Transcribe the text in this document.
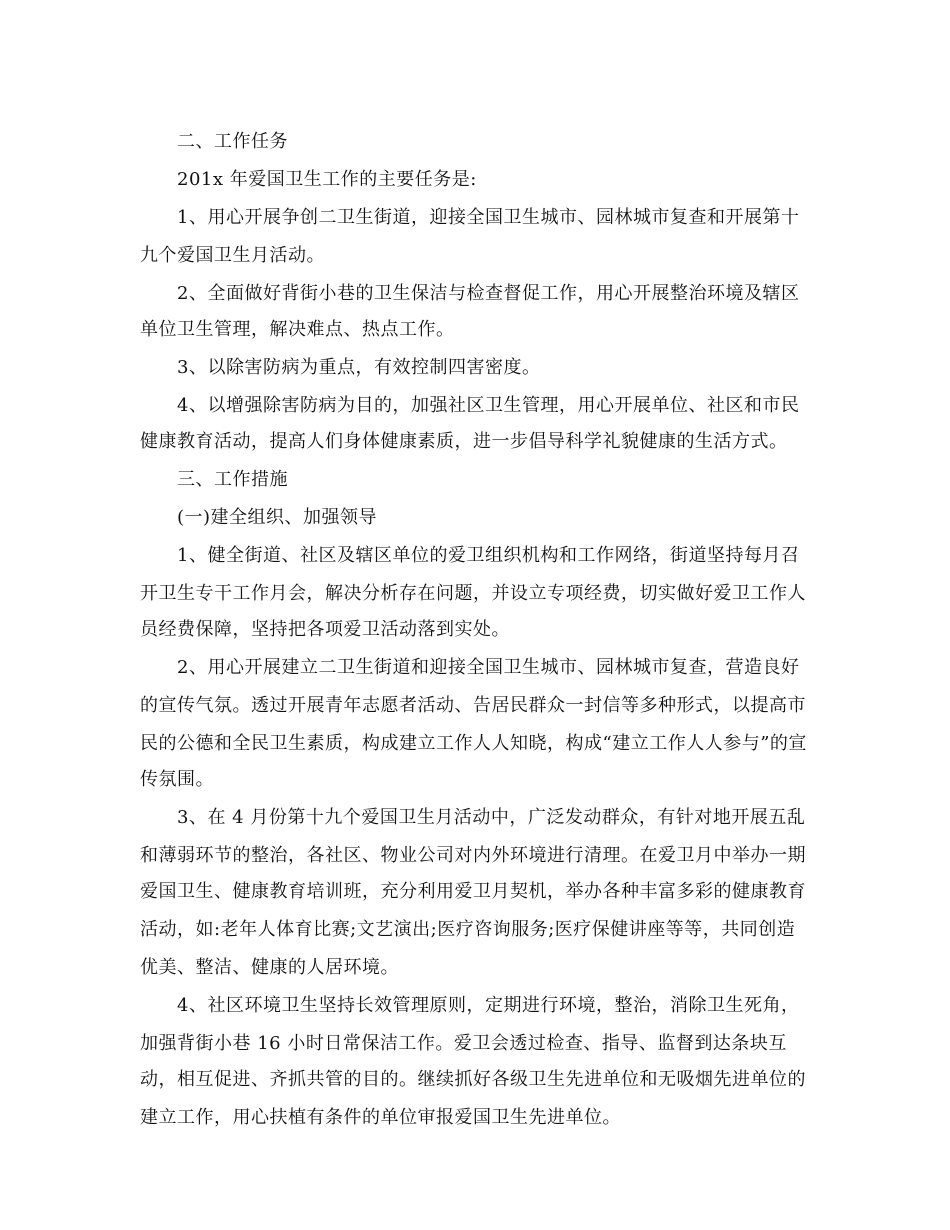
二、工作任务
201x 年爱国卫生工作的主要任务是:
1、用心开展争创二卫生街道，迎接全国卫生城市、园林城市复查和开展第十
九个爱国卫生月活动。
2、全面做好背街小巷的卫生保洁与检查督促工作，用心开展整治环境及辖区
单位卫生管理，解决难点、热点工作。
3、以除害防病为重点，有效控制四害密度。
4、以增强除害防病为目的，加强社区卫生管理，用心开展单位、社区和市民
健康教育活动，提高人们身体健康素质，进一步倡导科学礼貌健康的生活方式。
三、工作措施
(一)建全组织、加强领导
1、健全街道、社区及辖区单位的爱卫组织机构和工作网络，街道坚持每月召
开卫生专干工作月会，解决分析存在问题，并设立专项经费，切实做好爱卫工作人
员经费保障，坚持把各项爱卫活动落到实处。
2、用心开展建立二卫生街道和迎接全国卫生城市、园林城市复查，营造良好
的宣传气氛。透过开展青年志愿者活动、告居民群众一封信等多种形式，以提高市
民的公德和全民卫生素质，构成建立工作人人知晓，构成“建立工作人人参与”的宣
传氛围。
3、在 4 月份第十九个爱国卫生月活动中，广泛发动群众，有针对地开展五乱
和薄弱环节的整治，各社区、物业公司对内外环境进行清理。在爱卫月中举办一期
爱国卫生、健康教育培训班，充分利用爱卫月契机，举办各种丰富多彩的健康教育
活动，如:老年人体育比赛;文艺演出;医疗咨询服务;医疗保健讲座等等，共同创造
优美、整洁、健康的人居环境。
4、社区环境卫生坚持长效管理原则，定期进行环境，整治，消除卫生死角，
加强背街小巷 16 小时日常保洁工作。爱卫会透过检查、指导、监督到达条块互
动，相互促进、齐抓共管的目的。继续抓好各级卫生先进单位和无吸烟先进单位的
建立工作，用心扶植有条件的单位审报爱国卫生先进单位。
